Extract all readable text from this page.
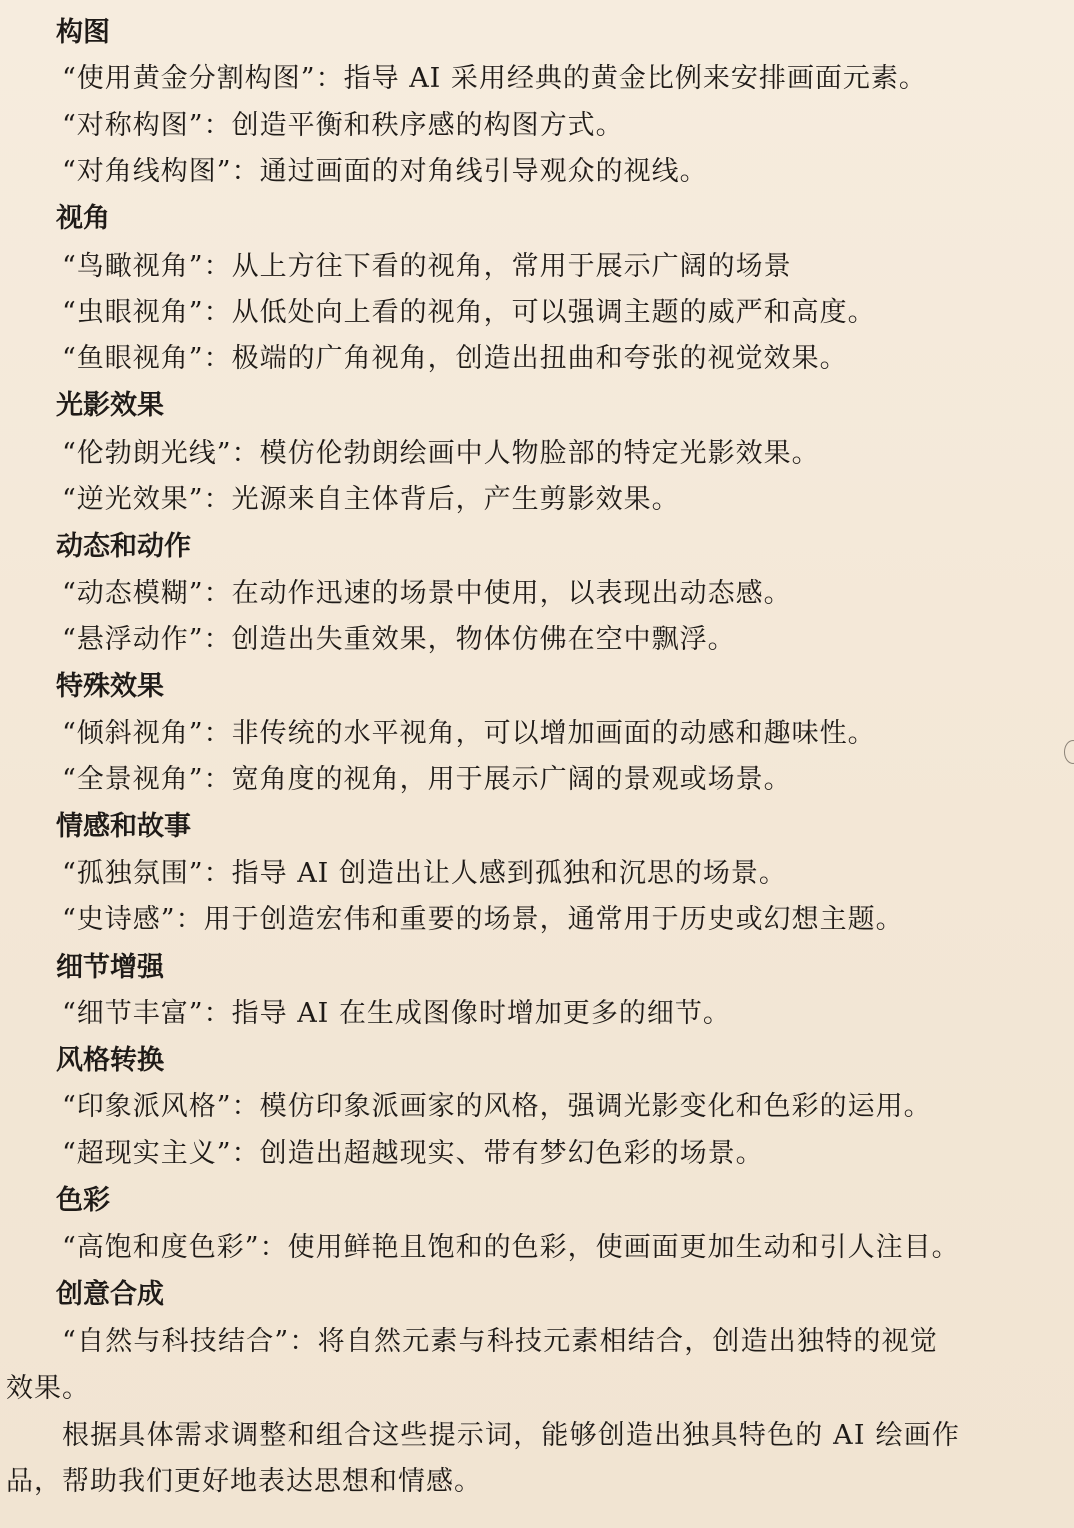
构图
“使用黄金分割构图”：指导 AI 采用经典的黄金比例来安排画面元素。
“对称构图”：创造平衡和秩序感的构图方式。
“对角线构图”：通过画面的对角线引导观众的视线。
视角
“鸟瞰视角”：从上方往下看的视角，常用于展示广阔的场景
“虫眼视角”：从低处向上看的视角，可以强调主题的威严和高度。
“鱼眼视角”：极端的广角视角，创造出扭曲和夸张的视觉效果。
光影效果
“伦勃朗光线”：模仿伦勃朗绘画中人物脸部的特定光影效果。
“逆光效果”：光源来自主体背后，产生剪影效果。
动态和动作
“动态模糊”：在动作迅速的场景中使用，以表现出动态感。
“悬浮动作”：创造出失重效果，物体仿佛在空中飘浮。
特殊效果
“倾斜视角”：非传统的水平视角，可以增加画面的动感和趣味性。
“全景视角”：宽角度的视角，用于展示广阔的景观或场景。
情感和故事
“孤独氛围”：指导 AI 创造出让人感到孤独和沉思的场景。
“史诗感”：用于创造宏伟和重要的场景，通常用于历史或幻想主题。
细节增强
“细节丰富”：指导 AI 在生成图像时增加更多的细节。
风格转换
“印象派风格”：模仿印象派画家的风格，强调光影变化和色彩的运用。
“超现实主义”：创造出超越现实、带有梦幻色彩的场景。
色彩
“高饱和度色彩”：使用鲜艳且饱和的色彩，使画面更加生动和引人注目。
创意合成
“自然与科技结合”：将自然元素与科技元素相结合，创造出独特的视觉
效果。
根据具体需求调整和组合这些提示词，能够创造出独具特色的 AI 绘画作
品，帮助我们更好地表达思想和情感。
